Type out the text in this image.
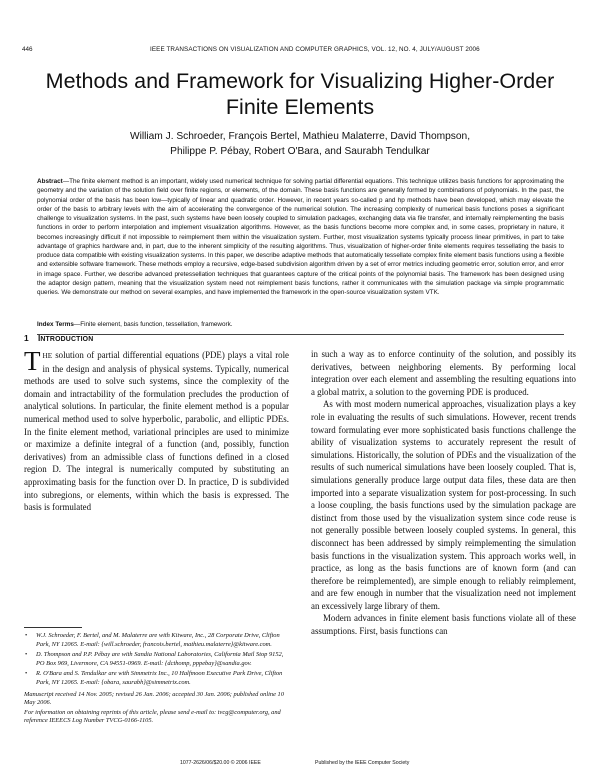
446	IEEE TRANSACTIONS ON VISUALIZATION AND COMPUTER GRAPHICS, VOL. 12, NO. 4, JULY/AUGUST 2006
Methods and Framework for Visualizing Higher-Order Finite Elements
William J. Schroeder, François Bertel, Mathieu Malaterre, David Thompson,
Philippe P. Pébay, Robert O'Bara, and Saurabh Tendulkar
Abstract—The finite element method is an important, widely used numerical technique for solving partial differential equations. This technique utilizes basis functions for approximating the geometry and the variation of the solution field over finite regions, or elements, of the domain. These basis functions are generally formed by combinations of polynomials. In the past, the polynomial order of the basis has been low—typically of linear and quadratic order. However, in recent years so-called p and hp methods have been developed, which may elevate the order of the basis to arbitrary levels with the aim of accelerating the convergence of the numerical solution. The increasing complexity of numerical basis functions poses a significant challenge to visualization systems. In the past, such systems have been loosely coupled to simulation packages, exchanging data via file transfer, and internally reimplementing the basis functions in order to perform interpolation and implement visualization algorithms. However, as the basis functions become more complex and, in some cases, proprietary in nature, it becomes increasingly difficult if not impossible to reimplement them within the visualization system. Further, most visualization systems typically process linear primitives, in part to take advantage of graphics hardware and, in part, due to the inherent simplicity of the resulting algorithms. Thus, visualization of higher-order finite elements requires tessellating the basis to produce data compatible with existing visualization systems. In this paper, we describe adaptive methods that automatically tessellate complex finite element basis functions using a flexible and extensible software framework. These methods employ a recursive, edge-based subdivision algorithm driven by a set of error metrics including geometric error, solution error, and error in image space. Further, we describe advanced pretessellation techniques that guarantees capture of the critical points of the polynomial basis. The framework has been designed using the adaptor design pattern, meaning that the visualization system need not reimplement basis functions, rather it communicates with the simulation package via simple programmatic queries. We demonstrate our method on several examples, and have implemented the framework in the open-source visualization system VTK.
Index Terms—Finite element, basis function, tessellation, framework.
1 INTRODUCTION

THE solution of partial differential equations (PDE) plays a vital role in the design and analysis of physical systems. Typically, numerical methods are used to solve such systems, since the complexity of the domain and intractability of the formulation precludes the production of analytical solutions. In particular, the finite element method is a popular numerical method used to solve hyperbolic, parabolic, and elliptic PDEs. In the finite element method, variational principles are used to minimize or maximize a definite integral of a function (and, possibly, function derivatives) from an admissible class of functions defined in a closed region D. The integral is numerically computed by substituting an approximating basis for the function over D. In practice, D is subdivided into subregions, or elements, within which the basis is expressed. The basis is formulated

• W.J. Schroeder, F. Bertel, and M. Malaterre are with Kitware, Inc., 28 Corporate Drive, Clifton Park, NY 12065. E-mail: {will.schroeder, francois.bertel, mathieu.malaterre}@kitware.com.
• D. Thompson and P.P. Pébay are with Sandia National Laboratories, California Mail Stop 9152, PO Box 969, Livermore, CA 94551-0969. E-mail: {dcthomp, pppebay}@sandia.gov.
• R. O'Bara and S. Tendulkar are with Simmetrix Inc., 10 Halfmoon Executive Park Drive, Clifton Park, NY 12065. E-mail: {obara, saurabh}@simmetrix.com.
Manuscript received 14 Nov. 2005; revised 26 Jan. 2006; accepted 30 Jan. 2006; published online 10 May 2006.
For information on obtaining reprints of this article, please send e-mail to: tvcg@computer.org, and reference IEEECS Log Number TVCG-0166-1105.

in such a way as to enforce continuity of the solution, and possibly its derivatives, between neighboring elements. By performing local integration over each element and assembling the resulting equations into a global matrix, a solution to the governing PDE is produced.

As with most modern numerical approaches, visualization plays a key role in evaluating the results of such simulations. However, recent trends toward formulating ever more sophisticated basis functions challenge the ability of visualization systems to accurately represent the result of simulations. Historically, the solution of PDEs and the visualization of the results of such numerical simulations have been loosely coupled. That is, simulations generally produce large output data files, these data are then imported into a separate visualization system for post-processing. In such a loose coupling, the basis functions used by the simulation package are distinct from those used by the visualization system since code reuse is not generally possible between loosely coupled systems. In general, this disconnect has been addressed by simply reimplementing the simulation basis functions in the visualization system. This approach works well, in practice, as long as the basis functions are of known form (and can therefore be reimplemented), are simple enough to reliably reimplement, and are few enough in number that the visualization need not implement an excessively large library of them.

Modern advances in finite element basis functions violate all of these assumptions. First, basis functions can

1077-2626/06/$20.00 © 2006 IEEE	Published by the IEEE Computer Society
